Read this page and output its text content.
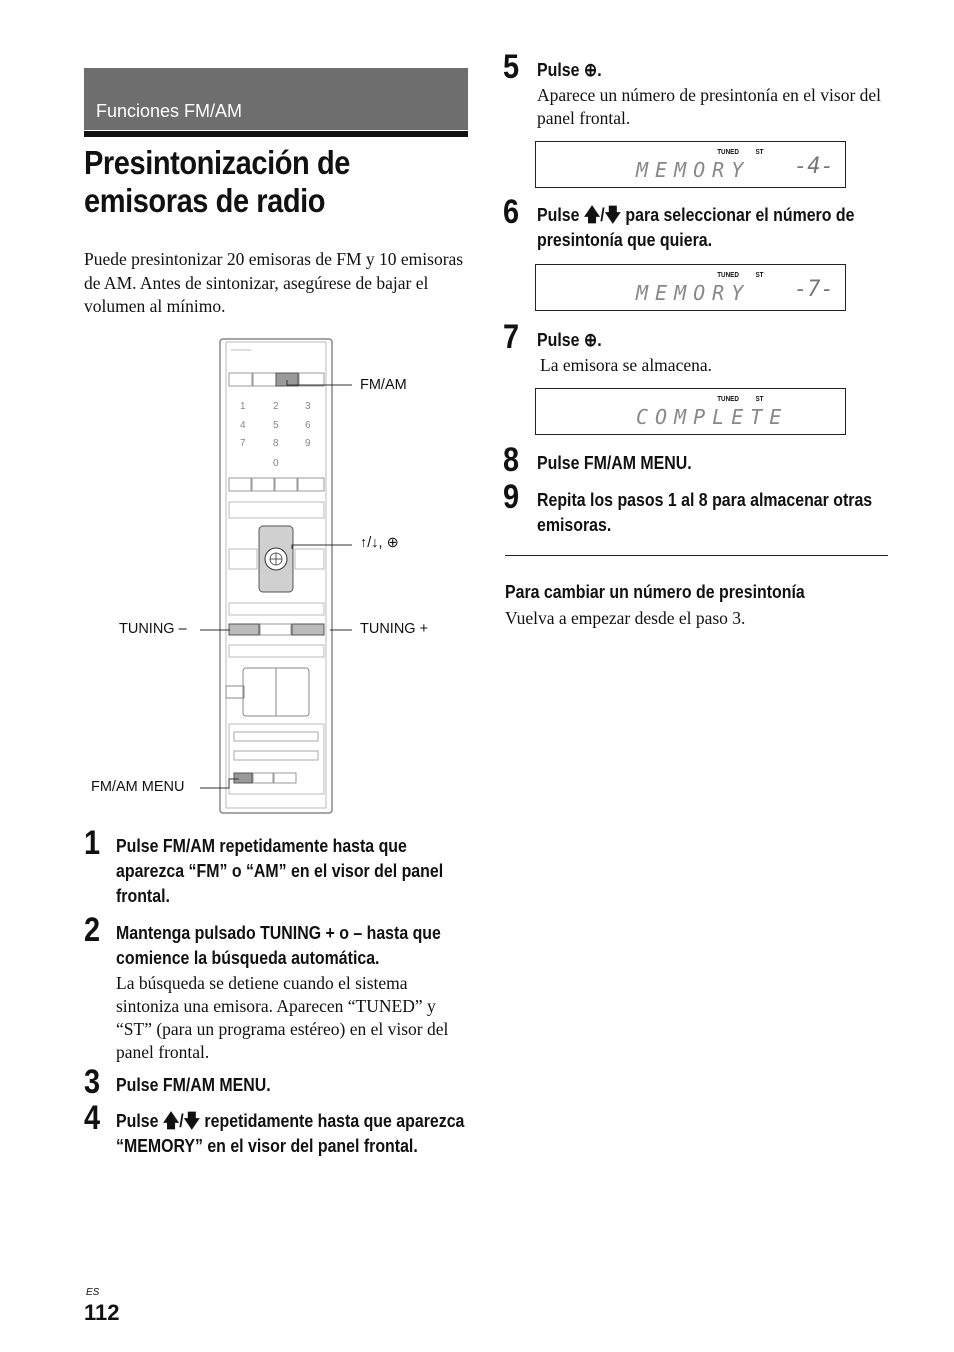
Funciones FM/AM
Presintonización de
emisoras de radio
Puede presintonizar 20 emisoras de FM y 10 emisoras de AM. Antes de sintonizar, asegúrese de bajar el volumen al mínimo.
1	2	3
4	5	6
7	8	9
0
FM/AM
↑/↓, ⊕
TUNING –	TUNING +
FM/AM MENU
1 Pulse FM/AM repetidamente hasta que aparezca “FM” o “AM” en el visor del panel frontal.
2 Mantenga pulsado TUNING + o – hasta que comience la búsqueda automática.
La búsqueda se detiene cuando el sistema sintoniza una emisora. Aparecen “TUNED” y “ST” (para un programa estéreo) en el visor del panel frontal.
3 Pulse FM/AM MENU.
4 Pulse 🡅/🡇 repetidamente hasta que aparezca “MEMORY” en el visor del panel frontal.
5 Pulse ⊕.
Aparece un número de presintonía en el visor del panel frontal.
TUNED ST
MEMORY -4-
6 Pulse 🡅/🡇 para seleccionar el número de presintonía que quiera.
TUNED ST
MEMORY -7-
7 Pulse ⊕.
La emisora se almacena.
TUNED ST
COMPLETE
8 Pulse FM/AM MENU.
9 Repita los pasos 1 al 8 para almacenar otras emisoras.
Para cambiar un número de presintonía
Vuelva a empezar desde el paso 3.
ES
112
